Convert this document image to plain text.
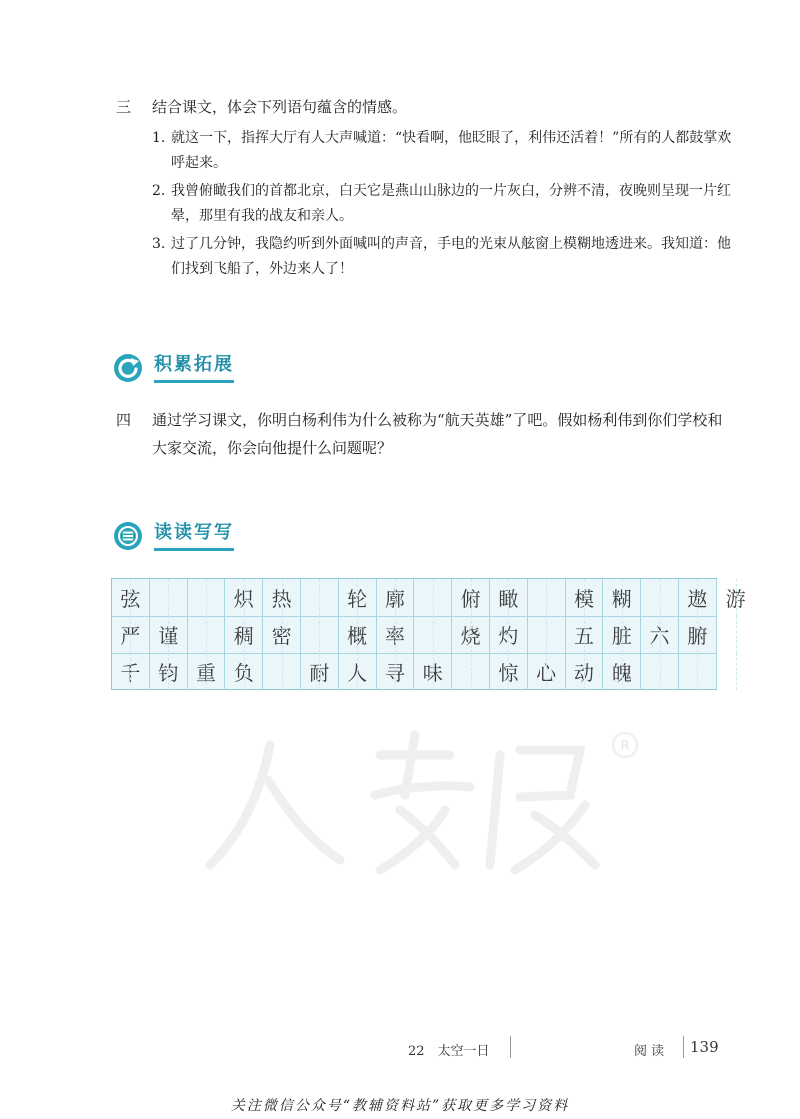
三	结合课文，体会下列语句蕴含的情感。
1. 就这一下，指挥大厅有人大声喊道：“快看啊，他眨眼了，利伟还活着！”所有的人都鼓掌欢呼起来。
2. 我曾俯瞰我们的首都北京，白天它是燕山山脉边的一片灰白，分辨不清，夜晚则呈现一片红晕，那里有我的战友和亲人。
3. 过了几分钟，我隐约听到外面喊叫的声音，手电的光束从舷窗上模糊地透进来。我知道：他们找到飞船了，外边来人了！
积累拓展
四	通过学习课文，你明白杨利伟为什么被称为“航天英雄”了吧。假如杨利伟到你们学校和大家交流，你会向他提什么问题呢？
读读写写
弦	炽 热	轮 廓	俯 瞰	模 糊	遨 游
严 谨	稠 密	概 率	烧 灼	五 脏 六 腑
千 钧 重 负	耐 人 寻 味	惊 心 动 魄
R
22　太空一日	阅 读 139
关注微信公众号“教辅资料站”获取更多学习资料
